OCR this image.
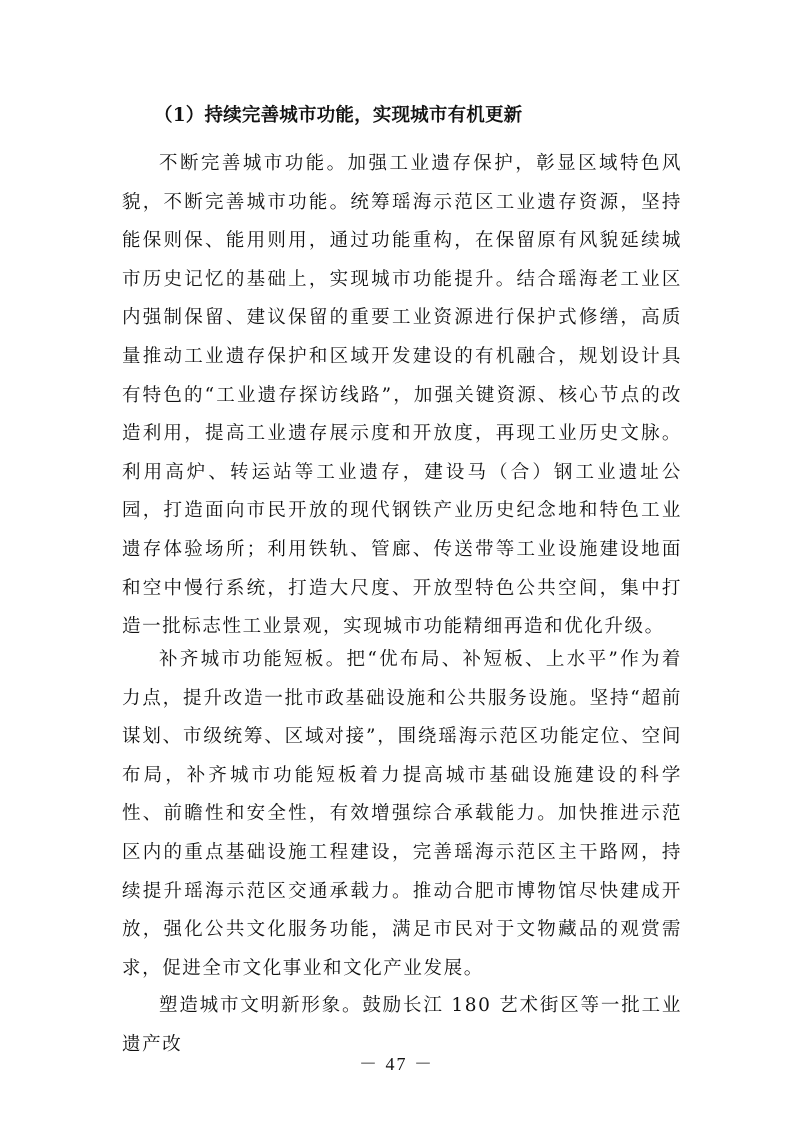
（1）持续完善城市功能，实现城市有机更新

不断完善城市功能。加强工业遗存保护，彰显区域特色风貌，不断完善城市功能。统筹瑶海示范区工业遗存资源，坚持能保则保、能用则用，通过功能重构，在保留原有风貌延续城市历史记忆的基础上，实现城市功能提升。结合瑶海老工业区内强制保留、建议保留的重要工业资源进行保护式修缮，高质量推动工业遗存保护和区域开发建设的有机融合，规划设计具有特色的“工业遗存探访线路”，加强关键资源、核心节点的改造利用，提高工业遗存展示度和开放度，再现工业历史文脉。利用高炉、转运站等工业遗存，建设马（合）钢工业遗址公园，打造面向市民开放的现代钢铁产业历史纪念地和特色工业遗存体验场所；利用铁轨、管廊、传送带等工业设施建设地面和空中慢行系统，打造大尺度、开放型特色公共空间，集中打造一批标志性工业景观，实现城市功能精细再造和优化升级。

补齐城市功能短板。把“优布局、补短板、上水平”作为着力点，提升改造一批市政基础设施和公共服务设施。坚持“超前谋划、市级统筹、区域对接”，围绕瑶海示范区功能定位、空间布局，补齐城市功能短板着力提高城市基础设施建设的科学性、前瞻性和安全性，有效增强综合承载能力。加快推进示范区内的重点基础设施工程建设，完善瑶海示范区主干路网，持续提升瑶海示范区交通承载力。推动合肥市博物馆尽快建成开放，强化公共文化服务功能，满足市民对于文物藏品的观赏需求，促进全市文化事业和文化产业发展。

塑造城市文明新形象。鼓励长江 180 艺术街区等一批工业遗产改

－ 47 －
